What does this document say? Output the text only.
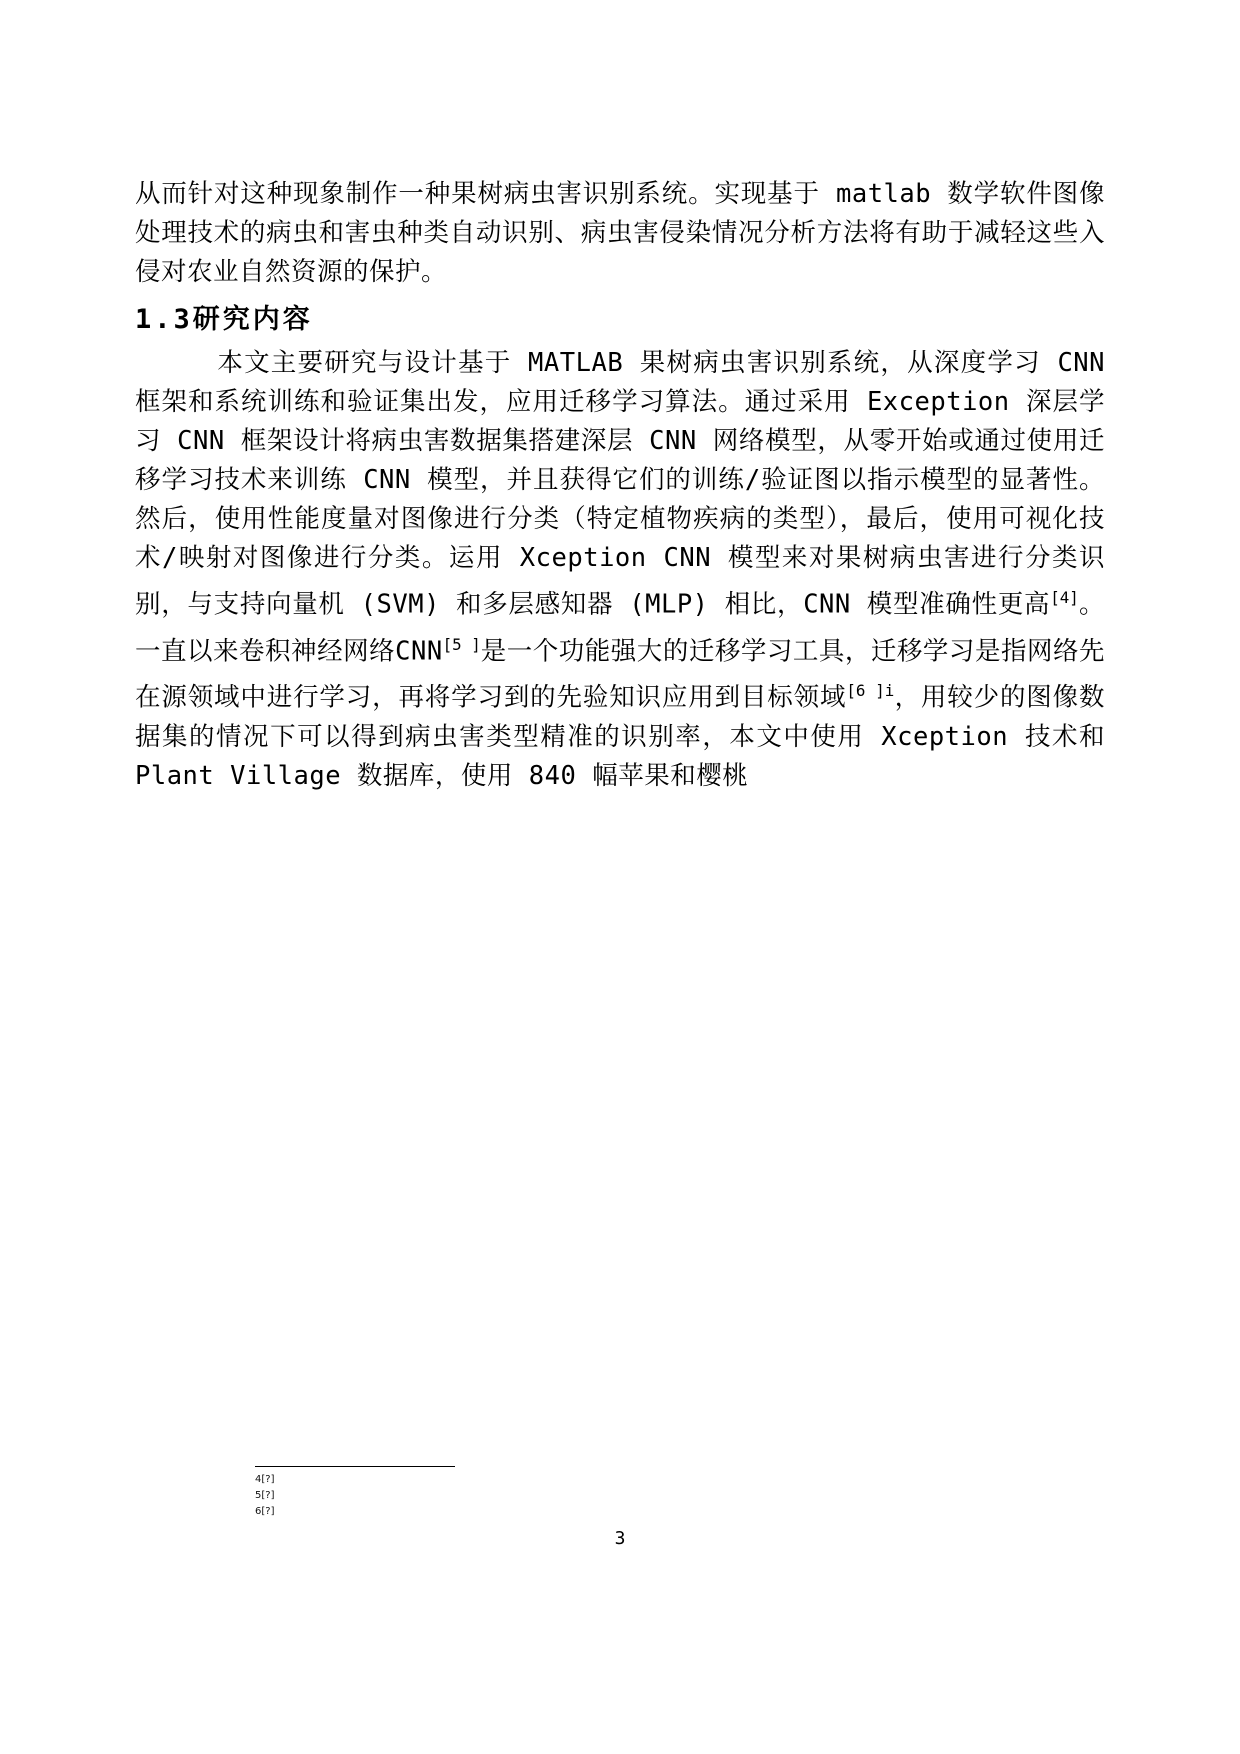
从而针对这种现象制作一种果树病虫害识别系统。实现基于 matlab 数学软件图像处理技术的病虫和害虫种类自动识别、病虫害侵染情况分析方法将有助于减轻这些入侵对农业自然资源的保护。

1.3研究内容

本文主要研究与设计基于 MATLAB 果树病虫害识别系统，从深度学习 CNN 框架和系统训练和验证集出发，应用迁移学习算法。通过采用 Exception 深层学习 CNN 框架设计将病虫害数据集搭建深层 CNN 网络模型，从零开始或通过使用迁移学习技术来训练 CNN 模型，并且获得它们的训练/验证图以指示模型的显著性。然后，使用性能度量对图像进行分类（特定植物疾病的类型），最后，使用可视化技术/映射对图像进行分类。运用 Xception CNN 模型来对果树病虫害进行分类识别，与支持向量机 (SVM) 和多层感知器 (MLP) 相比，CNN 模型准确性更高[4]。一直以来卷积神经网络CNN[5 ]是一个功能强大的迁移学习工具，迁移学习是指网络先在源领域中进行学习，再将学习到的先验知识应用到目标领域$^{[6 ]i}$，用较少的图像数据集的情况下可以得到病虫害类型精准的识别率，本文中使用 Xception 技术和 Plant Village 数据库，使用 840 幅苹果和樱桃

4[?]
5[?]
6[?]
3
